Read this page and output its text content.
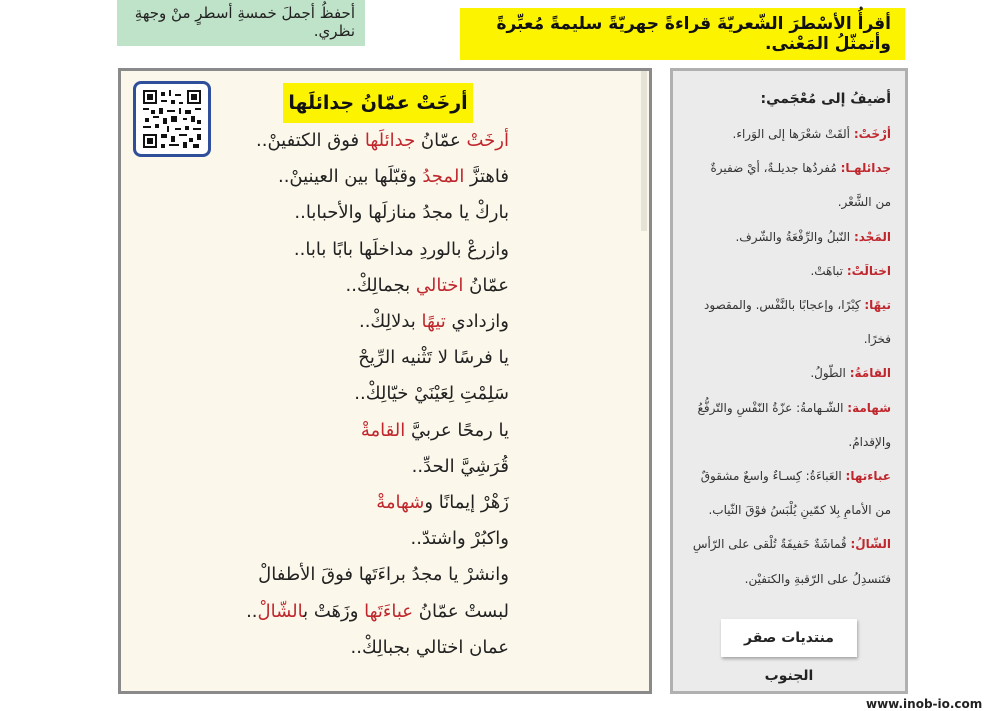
أحفظُ أجملَ خمسةِ أسطرٍ منْ وجهةِ نظري.	أقرأُ الأسْطرَ الشّعريّةَ قراءةً جهريّةً سليمةً مُعبِّرةً وأتمثّلُ المَعْنى.
أرخَتْ عمّانُ جدائلَها
أرخَتْ عمّانُ جدائلَها فوق الكتفينْ..
فاهتزَّ المجدُ وقبّلَها بين العينينْ..
باركْ يا مجدُ منازلَها والأحبابا..
وازرعْ بالوردِ مداخلَها بابًا بابا..
عمّانُ اختالي بجمالِكْ..
وازدادي تيهًا بدلالِكْ..
يا فرسًا لا تَثْنيه الرِّيحْ
سَلِمْتِ لِعَيْنَيْ خيّالِكْ..
يا رمحًا عربيَّ القامةْ
قُرَشِيَّ الحدِّ..
زَهْرْ إيمانًا وشهامةْ
واكبُرْ واشتدّ..
وانشرْ يا مجدُ براءَتَها فوقَ الأطفالْ
لبستْ عمّانُ عباءَتَها وزَهَتْ بالشّالْ..
عمان اختالي بجبالِكْ..
أضيفُ إلى مُعْجَمي:
أرْخَتْ: ألقَتْ شعْرَها إلى الوَراء.
جدائلهـا: مُفردُها جديلـةٌ، أيْ ضفيرةٌ
من الشَّعْر.
المَجْد: النّبلُ والرِّفْعَةُ والشّرف.
اختالَتْ: تباهَتْ.
تيهًا: كِبْرًا، وإعجابًا بالنَّفْس. والمقصود
فخرًا.
القامَةُ: الطّولُ.
شهامة: الشّـهامةُ: عزّةُ النّفْسِ والتّرفُّعُ
والإقدامُ.
عباءتها: العَباءَةُ: كِسـاءٌ واسعٌ مشقوقٌ
من الأمامِ بِلا كمّينِ يُلْبَسُ فوْقَ الثّياب.
الشّالُ: قُماشَةٌ خَفيفَةٌ تُلْقى على الرّأسِ
فتَنسدِلُ على الرّقبةِ والكتفيْن.
منتديات صقر الجنوب
www.inob-io.com
